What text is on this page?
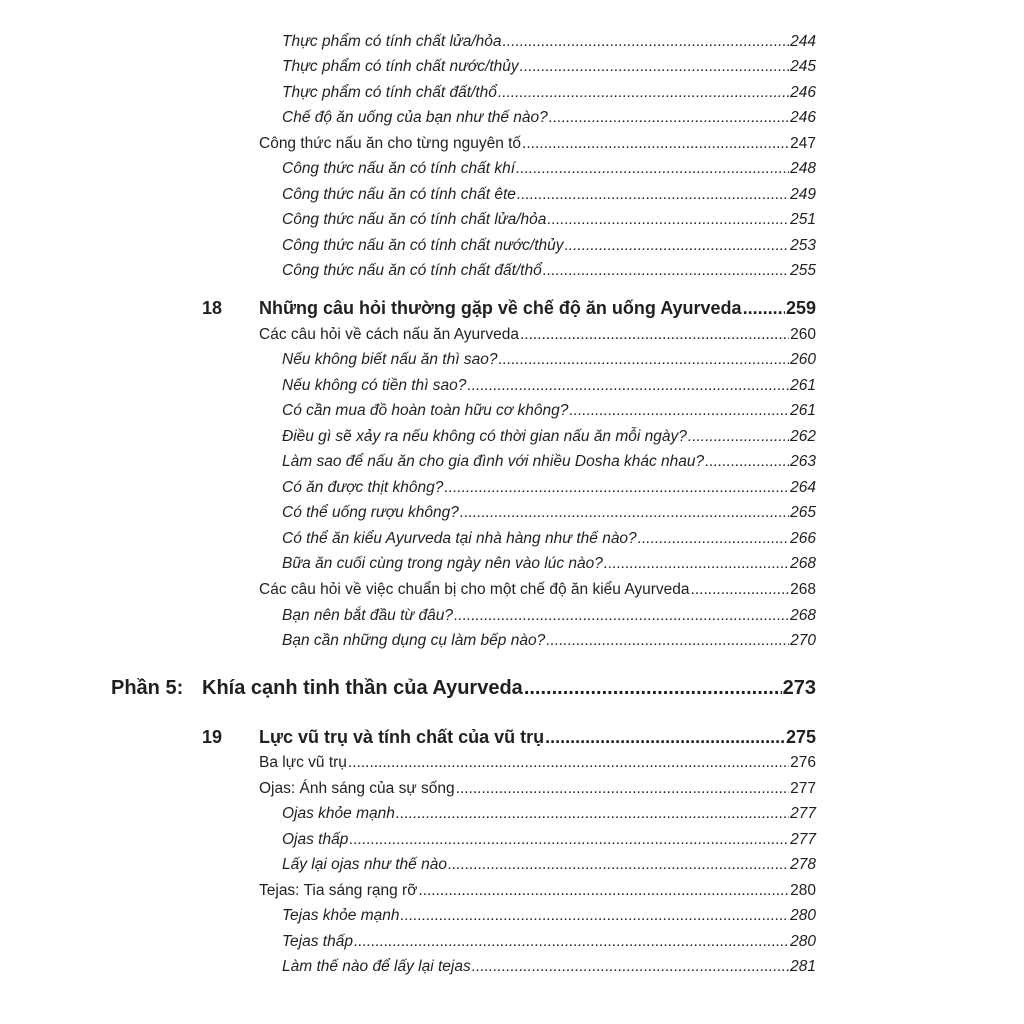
Thực phẩm có tính chất lửa/hỏa .....	244
Thực phẩm có tính chất nước/thủy .....	245
Thực phẩm có tính chất đất/thổ .....	246
Chế độ ăn uống của bạn như thế nào? .....	246
Công thức nấu ăn cho từng nguyên tố .....	247
Công thức nấu ăn có tính chất khí .....	248
Công thức nấu ăn có tính chất ête .....	249
Công thức nấu ăn có tính chất lửa/hỏa .....	251
Công thức nấu ăn có tính chất nước/thủy .....	253
Công thức nấu ăn có tính chất đất/thổ .....	255
18 Những câu hỏi thường gặp về chế độ ăn uống Ayurveda ..... 259
Các câu hỏi về cách nấu ăn Ayurveda .....	260
Nếu không biết nấu ăn thì sao? .....	260
Nếu không có tiền thì sao? .....	261
Có cần mua đồ hoàn toàn hữu cơ không? .....	261
Điều gì sẽ xảy ra nếu không có thời gian nấu ăn mỗi ngày? .....	262
Làm sao để nấu ăn cho gia đình với nhiều Dosha khác nhau? .....	263
Có ăn được thịt không? .....	264
Có thể uống rượu không? .....	265
Có thể ăn kiểu Ayurveda tại nhà hàng như thế nào? .....	266
Bữa ăn cuối cùng trong ngày nên vào lúc nào? .....	268
Các câu hỏi về việc chuẩn bị cho một chế độ ăn kiểu Ayurveda .....	268
Bạn nên bắt đầu từ đâu? .....	268
Bạn cần những dụng cụ làm bếp nào? .....	270
Phần 5: Khía cạnh tinh thần của Ayurveda .....	273
19 Lực vũ trụ và tính chất của vũ trụ .....	275
Ba lực vũ trụ .....	276
Ojas: Ánh sáng của sự sống .....	277
Ojas khỏe mạnh .....	277
Ojas thấp .....	277
Lấy lại ojas như thế nào .....	278
Tejas: Tia sáng rạng rỡ .....	280
Tejas khỏe mạnh .....	280
Tejas thấp .....	280
Làm thế nào để lấy lại tejas .....	281
